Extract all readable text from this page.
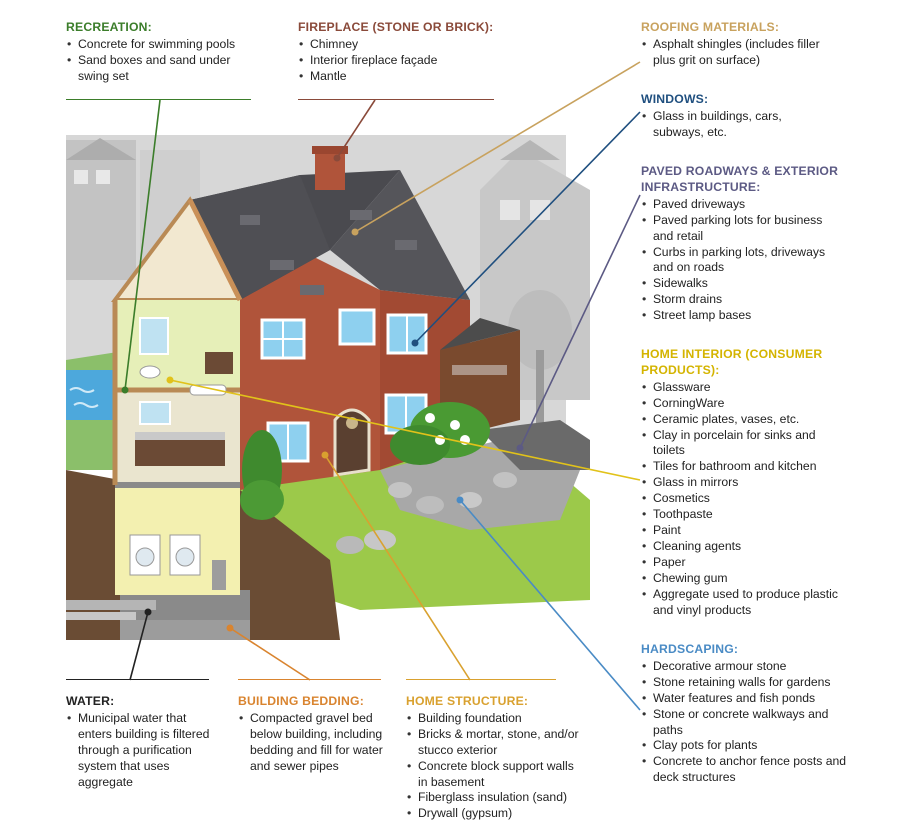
RECREATION:
• Concrete for swimming pools
• Sand boxes and sand under swing set
FIREPLACE (STONE OR BRICK):
• Chimney
• Interior fireplace façade
• Mantle
ROOFING MATERIALS:
• Asphalt shingles (includes filler plus grit on surface)
WINDOWS:
• Glass in buildings, cars, subways, etc.
PAVED ROADWAYS & EXTERIOR INFRASTRUCTURE:
• Paved driveways
• Paved parking lots for business and retail
• Curbs in parking lots, driveways and on roads
• Sidewalks
• Storm drains
• Street lamp bases
HOME INTERIOR (CONSUMER PRODUCTS):
• Glassware
• CorningWare
• Ceramic plates, vases, etc.
• Clay in porcelain for sinks and toilets
• Tiles for bathroom and kitchen
• Glass in mirrors
• Cosmetics
• Toothpaste
• Paint
• Cleaning agents
• Paper
• Chewing gum
• Aggregate used to produce plastic and vinyl products
HARDSCAPING:
• Decorative armour stone
• Stone retaining walls for gardens
• Water features and fish ponds
• Stone or concrete walkways and paths
• Clay pots for plants
• Concrete to anchor fence posts and deck structures
WATER:
• Municipal water that enters building is filtered through a purification system that uses aggregate
BUILDING BEDDING:
• Compacted gravel bed below building, including bedding and fill for water and sewer pipes
HOME STRUCTURE:
• Building foundation
• Bricks & mortar, stone, and/or stucco exterior
• Concrete block support walls in basement
• Fiberglass insulation (sand)
• Drywall (gypsum)
